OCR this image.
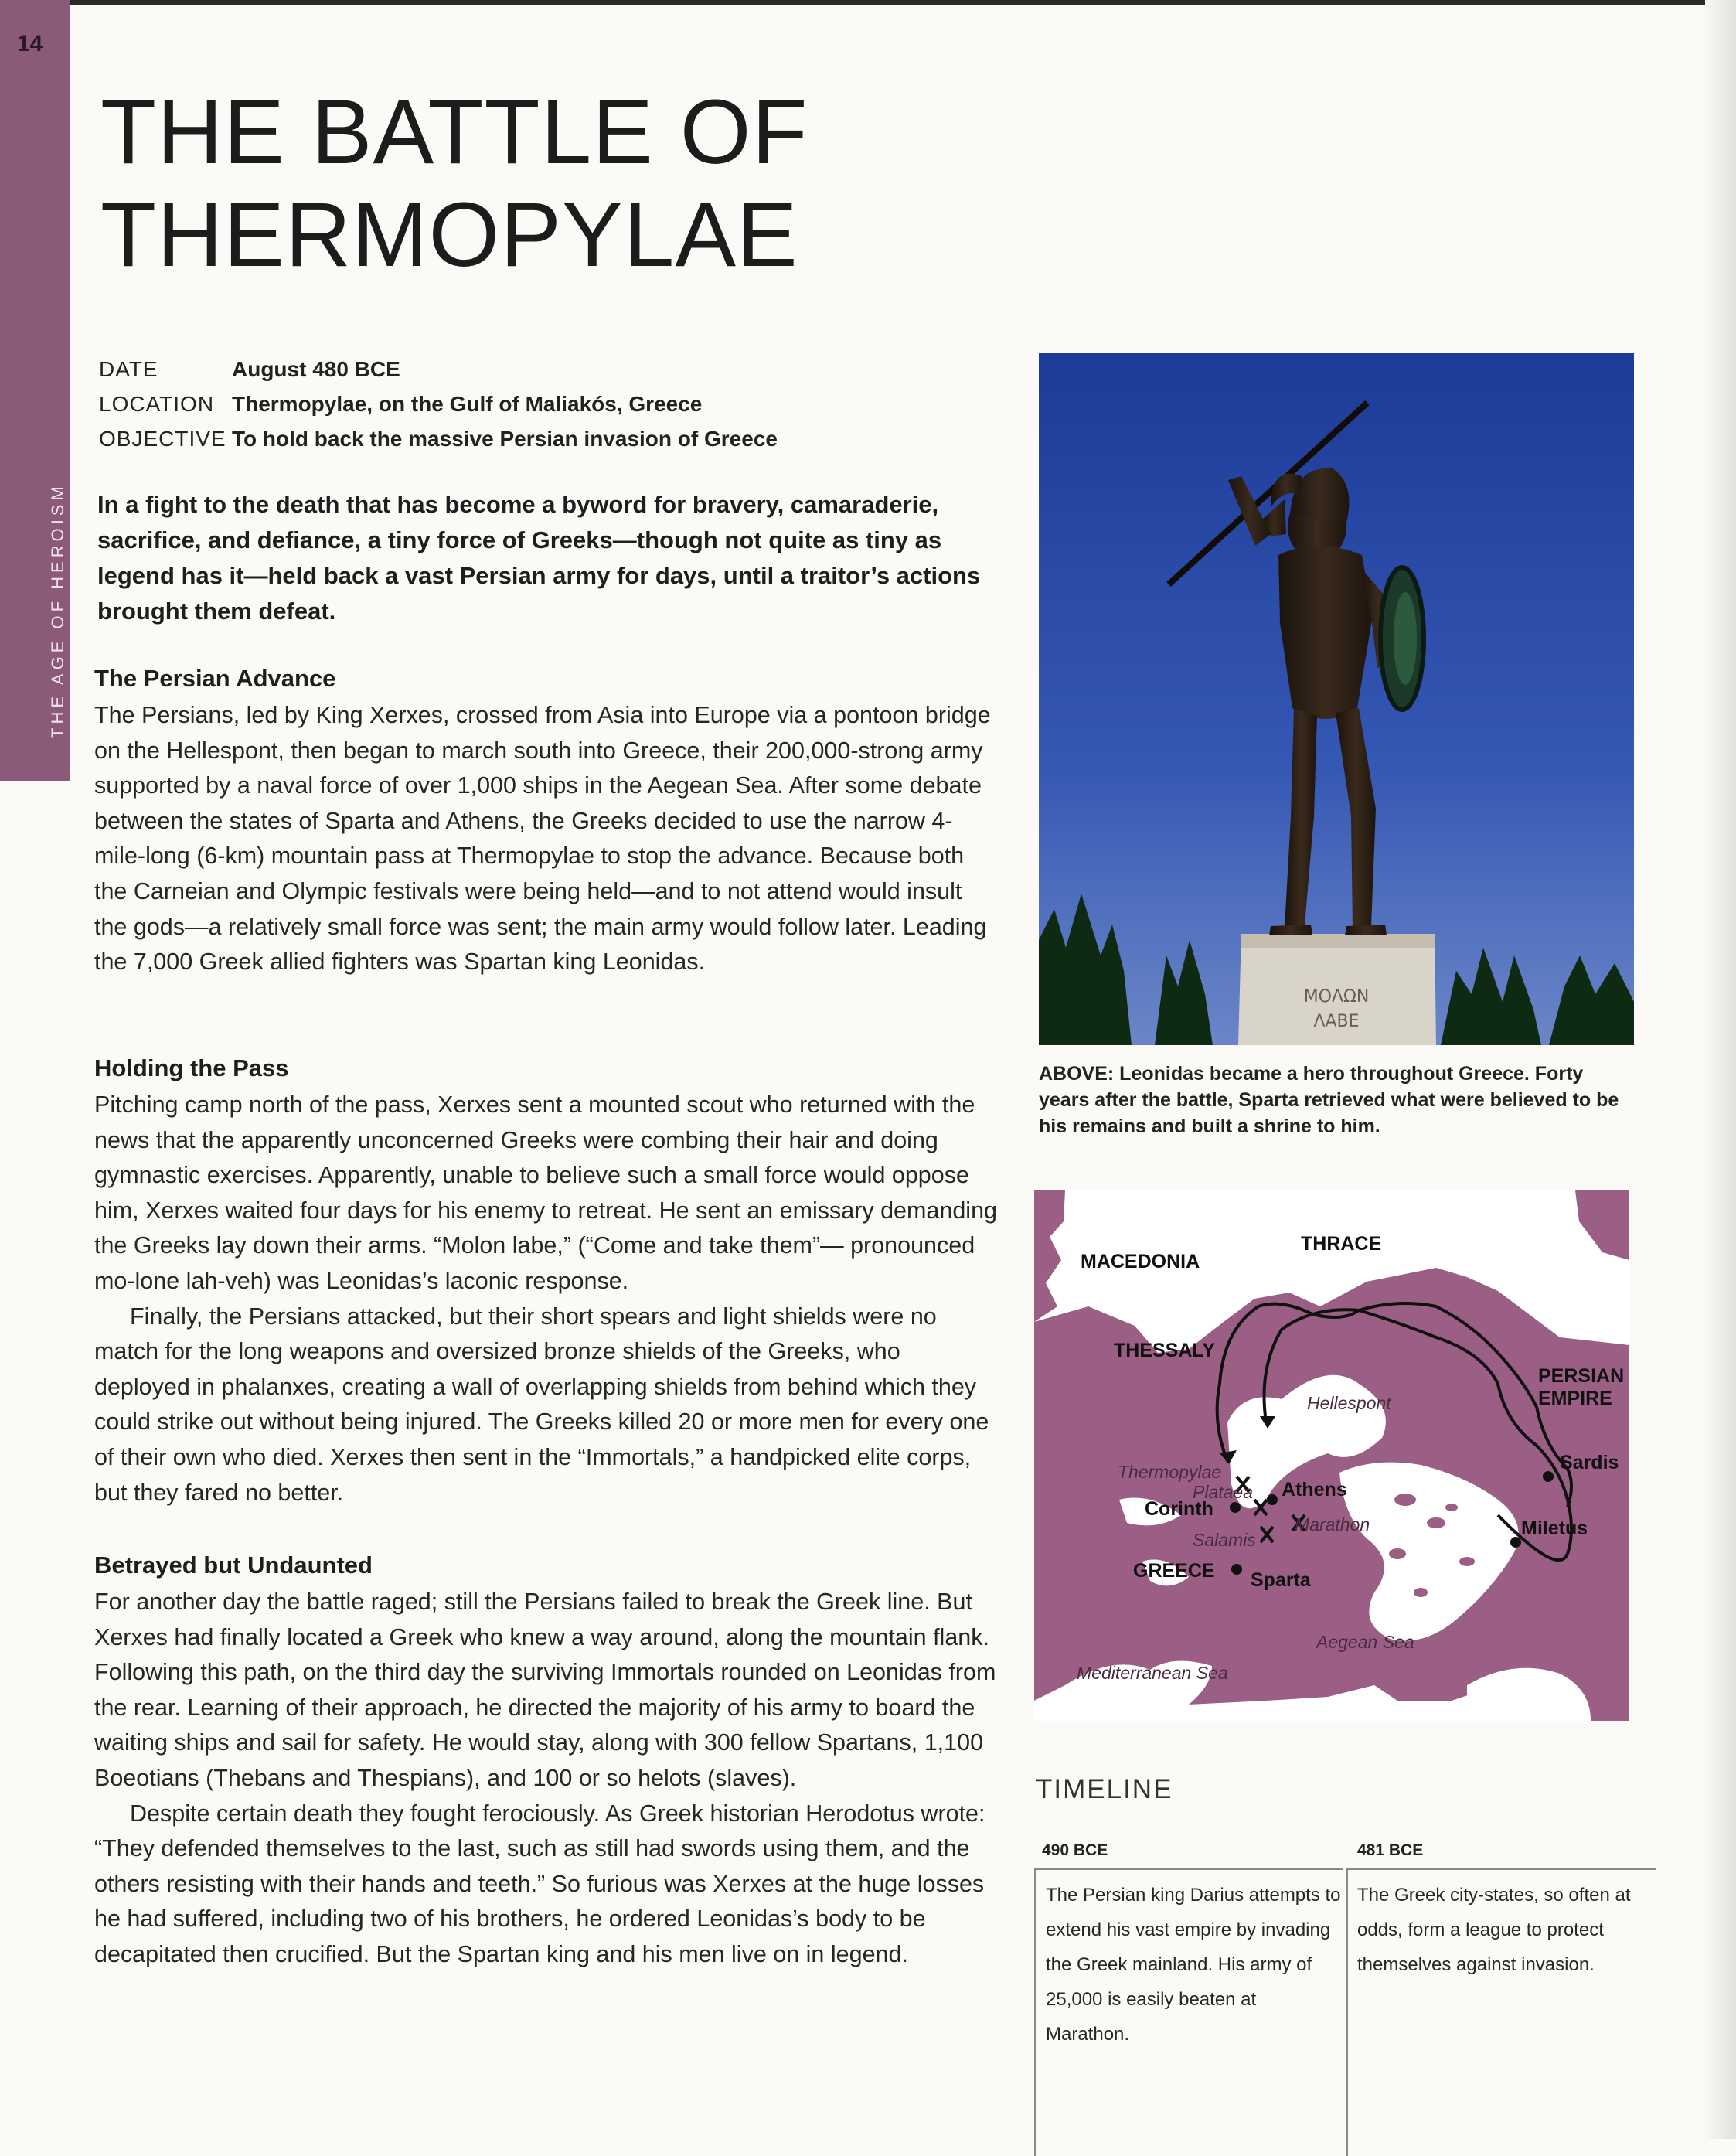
14
THE AGE OF HEROISM
THE BATTLE OF
THERMOPYLAE
DATE	August 480 BCE
LOCATION Thermopylae, on the Gulf of Maliakós, Greece
OBJECTIVE To hold back the massive Persian invasion of Greece

In a fight to the death that has become a byword for bravery, camaraderie, sacrifice, and defiance, a tiny force of Greeks—though not quite as tiny as legend has it—held back a vast Persian army for days, until a traitor’s actions brought them defeat.

The Persian Advance

The Persians, led by King Xerxes, crossed from Asia into Europe via a pontoon bridge on the Hellespont, then began to march south into Greece, their 200,000-strong army supported by a naval force of over 1,000 ships in the Aegean Sea. After some debate between the states of Sparta and Athens, the Greeks decided to use the narrow 4-mile-long (6-km) mountain pass at Thermopylae to stop the advance. Because both the Carneian and Olympic festivals were being held—and to not attend would insult the gods—a relatively small force was sent; the main army would follow later. Leading the 7,000 Greek allied fighters was Spartan king Leonidas.

Holding the Pass

Pitching camp north of the pass, Xerxes sent a mounted scout who returned with the news that the apparently unconcerned Greeks were combing their hair and doing gymnastic exercises. Apparently, unable to believe such a small force would oppose him, Xerxes waited four days for his enemy to retreat. He sent an emissary demanding the Greeks lay down their arms. “Molon labe,” (“Come and take them”— pronounced mo-lone lah-veh) was Leonidas’s laconic response.

Finally, the Persians attacked, but their short spears and light shields were no match for the long weapons and oversized bronze shields of the Greeks, who deployed in phalanxes, creating a wall of overlapping shields from behind which they could strike out without being injured. The Greeks killed 20 or more men for every one of their own who died. Xerxes then sent in the “Immortals,” a handpicked elite corps, but they fared no better.

Betrayed but Undaunted

For another day the battle raged; still the Persians failed to break the Greek line. But Xerxes had finally located a Greek who knew a way around, along the mountain flank. Following this path, on the third day the surviving Immortals rounded on Leonidas from the rear. Learning of their approach, he directed the majority of his army to board the waiting ships and sail for safety. He would stay, along with 300 fellow Spartans, 1,100 Boeotians (Thebans and Thespians), and 100 or so helots (slaves).

Despite certain death they fought ferociously. As Greek historian Herodotus wrote: “They defended themselves to the last, such as still had swords using them, and the others resisting with their hands and teeth.” So furious was Xerxes at the huge losses he had suffered, including two of his brothers, he ordered Leonidas’s body to be decapitated then crucified. But the Spartan king and his men live on in legend.

ΜΟΛΩΝ
ΛΑΒΕ

ABOVE: Leonidas became a hero throughout Greece. Forty years after the battle, Sparta retrieved what were believed to be his remains and built a shrine to him.

MACEDONIA
THRACE
THESSALY
PERSIAN
EMPIRE
Sardis
Miletus
Corinth
Athens
GREECE Sparta
Hellespont
Thermopylae
Plataea
Marathon
Salamis
Aegean Sea
Mediterranean Sea
TIMELINE
490 BCE
The Persian king Darius attempts to extend his vast empire by invading the Greek mainland. His army of 25,000 is easily beaten at Marathon.
481 BCE
The Greek city-states, so often at odds, form a league to protect themselves against invasion.
